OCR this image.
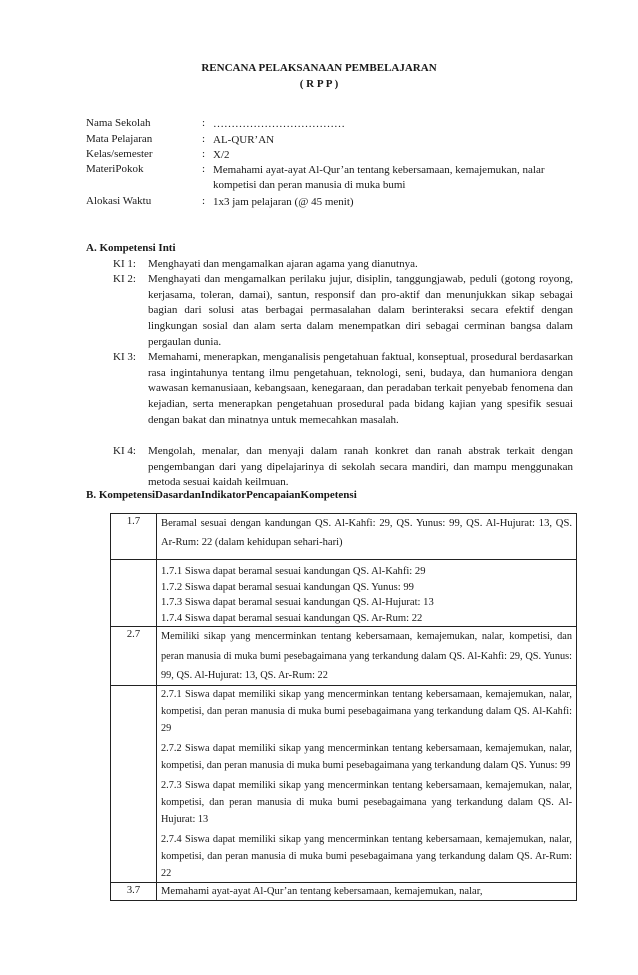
RENCANA PELAKSANAAN PEMBELAJARAN
( R P P )
Nama Sekolah	: ………………………………
Mata Pelajaran	: AL-QUR’AN
Kelas/semester	: X/2
MateriPokok	: Memahami ayat-ayat Al-Qur’an tentang kebersamaan, kemajemukan, nalar kompetisi dan peran manusia di muka bumi
Alokasi Waktu	: 1x3 jam pelajaran (@ 45 menit)
A. Kompetensi Inti
KI 1: Menghayati dan mengamalkan ajaran agama yang dianutnya.
KI 2: Menghayati dan mengamalkan perilaku jujur, disiplin, tanggungjawab, peduli (gotong royong, kerjasama, toleran, damai), santun, responsif dan pro-aktif dan menunjukkan sikap sebagai bagian dari solusi atas berbagai permasalahan dalam berinteraksi secara efektif dengan lingkungan sosial dan alam serta dalam menempatkan diri sebagai cerminan bangsa dalam pergaulan dunia.
KI 3: Memahami, menerapkan, menganalisis pengetahuan faktual, konseptual, prosedural berdasarkan rasa ingintahunya tentang ilmu pengetahuan, teknologi, seni, budaya, dan humaniora dengan wawasan kemanusiaan, kebangsaan, kenegaraan, dan peradaban terkait penyebab fenomena dan kejadian, serta menerapkan pengetahuan prosedural pada bidang kajian yang spesifik sesuai dengan bakat dan minatnya untuk memecahkan masalah.
KI 4: Mengolah, menalar, dan menyaji dalam ranah konkret dan ranah abstrak terkait dengan pengembangan dari yang dipelajarinya di sekolah secara mandiri, dan mampu menggunakan metoda sesuai kaidah keilmuan.
B. KompetensiDasardanIndikatorPencapaianKompetensi
1.7	Beramal sesuai dengan kandungan QS. Al-Kahfi: 29, QS. Yunus: 99, QS. Al-Hujurat: 13, QS. Ar-Rum: 22 (dalam kehidupan sehari-hari)

	1.7.1 Siswa dapat beramal sesuai kandungan QS. Al-Kahfi: 29
1.7.2 Siswa dapat beramal sesuai kandungan QS. Yunus: 99
1.7.3 Siswa dapat beramal sesuai kandungan QS. Al-Hujurat: 13
1.7.4 Siswa dapat beramal sesuai kandungan QS. Ar-Rum: 22

2.7	Memiliki sikap yang mencerminkan tentang kebersamaan, kemajemukan, nalar, kompetisi, dan peran manusia di muka bumi pesebagaimana yang terkandung dalam QS. Al-Kahfi: 29, QS. Yunus: 99, QS. Al-Hujurat: 13, QS. Ar-Rum: 22

	2.7.1 Siswa dapat memiliki sikap yang mencerminkan tentang kebersamaan, kemajemukan, nalar, kompetisi, dan peran manusia di muka bumi pesebagaimana yang terkandung dalam QS. Al-Kahfi: 29

2.7.2 Siswa dapat memiliki sikap yang mencerminkan tentang kebersamaan, kemajemukan, nalar, kompetisi, dan peran manusia di muka bumi pesebagaimana yang terkandung dalam QS. Yunus: 99

2.7.3 Siswa dapat memiliki sikap yang mencerminkan tentang kebersamaan, kemajemukan, nalar, kompetisi, dan peran manusia di muka bumi pesebagaimana yang terkandung dalam QS. Al-Hujurat: 13

2.7.4 Siswa dapat memiliki sikap yang mencerminkan tentang kebersamaan, kemajemukan, nalar, kompetisi, dan peran manusia di muka bumi pesebagaimana yang terkandung dalam QS. Ar-Rum: 22

3.7	Memahami ayat-ayat Al-Qur’an tentang kebersamaan, kemajemukan, nalar,
